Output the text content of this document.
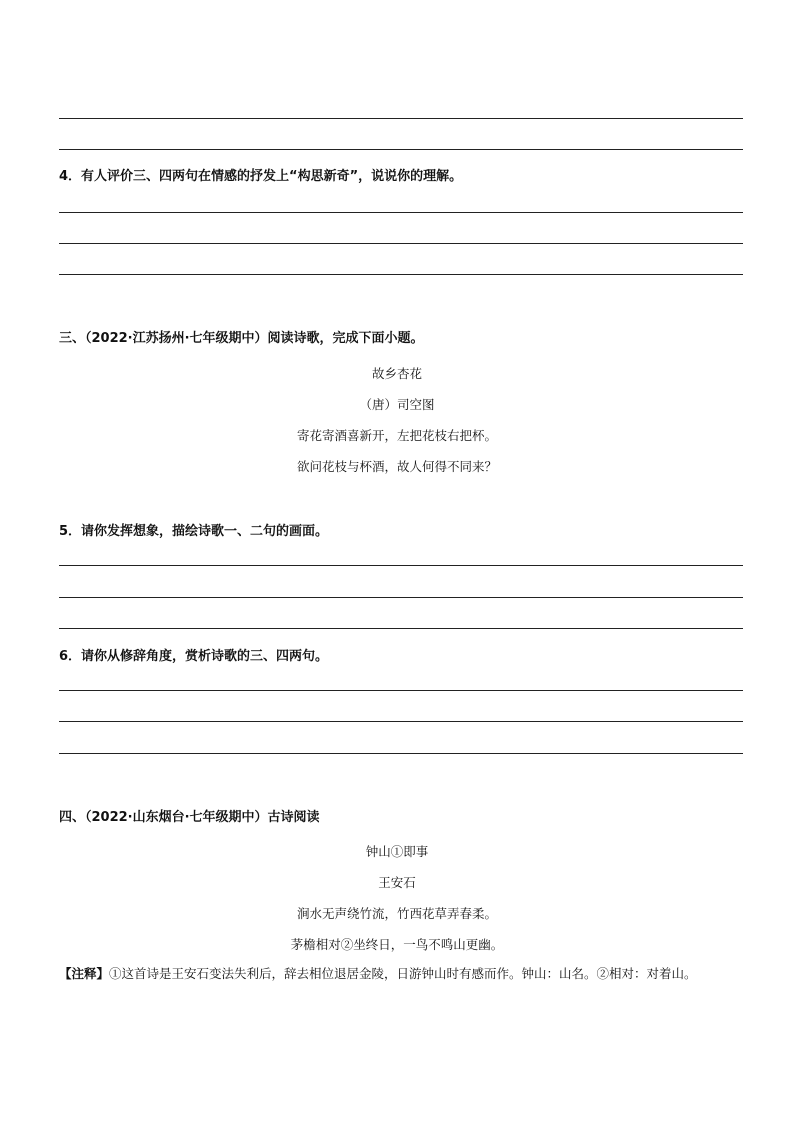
4．有人评价三、四两句在情感的抒发上“构思新奇”，说说你的理解。
三、（2022·江苏扬州·七年级期中）阅读诗歌，完成下面小题。
故乡杏花
（唐）司空图
寄花寄酒喜新开，左把花枝右把杯。
欲问花枝与杯酒，故人何得不同来？
5．请你发挥想象，描绘诗歌一、二句的画面。
6．请你从修辞角度，赏析诗歌的三、四两句。
四、（2022·山东烟台·七年级期中）古诗阅读
钟山①即事
王安石
涧水无声绕竹流，竹西花草弄春柔。
茅檐相对②坐终日，一鸟不鸣山更幽。
【注释】①这首诗是王安石变法失利后，辞去相位退居金陵，日游钟山时有感而作。钟山：山名。②相对：对着山。
